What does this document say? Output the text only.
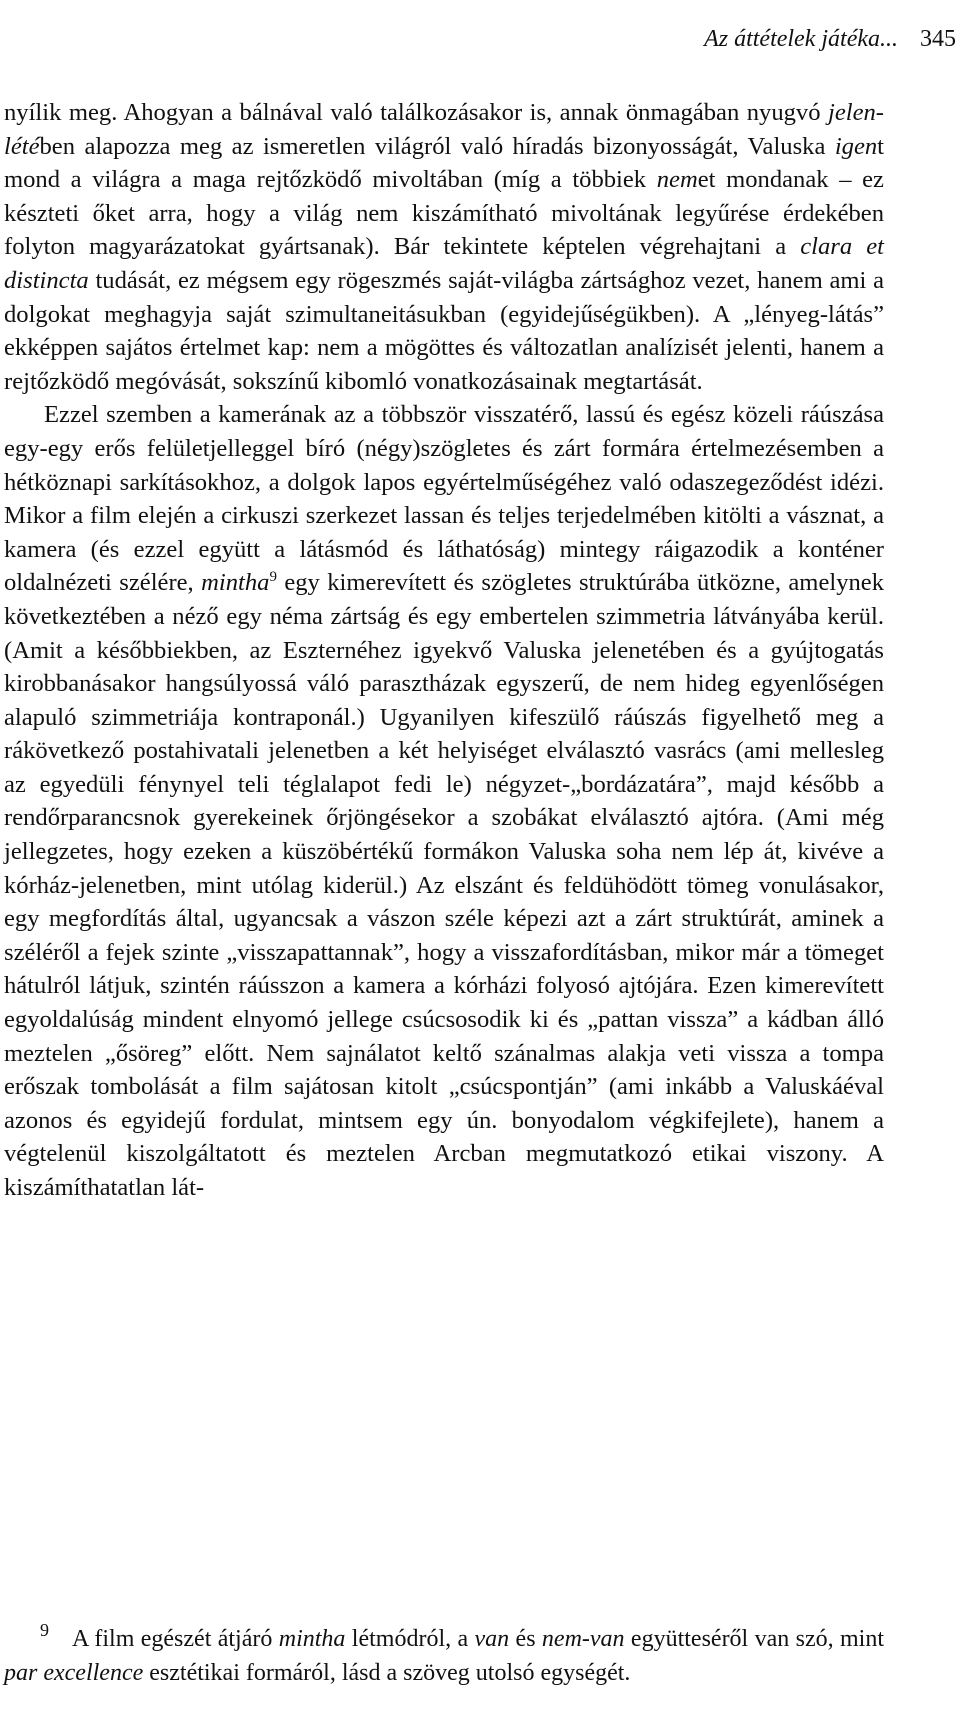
Az áttételek játéka... 345

nyílik meg. Ahogyan a bálnával való találkozásakor is, annak önmagában nyugvó jelen-létében alapozza meg az ismeretlen világról való híradás bizonyosságát, Valuska igent mond a világra a maga rejtőzködő mivoltában (míg a többiek nemet mondanak – ez készteti őket arra, hogy a világ nem kiszámítható mivoltának legyűrése érdekében folyton magyarázatokat gyártsanak). Bár tekintete képtelen végrehajtani a clara et distincta tudását, ez mégsem egy rögeszmés saját-világba zártsághoz vezet, hanem ami a dolgokat meghagyja saját szimultaneitásukban (egyidejűségükben). A „lényeg-látás” ekképpen sajátos értelmet kap: nem a mögöttes és változatlan analízisét jelenti, hanem a rejtőzködő megóvását, sokszínű kibomló vonatkozásainak megtartását.

Ezzel szemben a kamerának az a többször visszatérő, lassú és egész közeli ráúszása egy-egy erős felületjelleggel bíró (négy)szögletes és zárt formára értelmezésemben a hétköznapi sarkításokhoz, a dolgok lapos egyértelműségéhez való odaszegeződést idézi. Mikor a film elején a cirkuszi szerkezet lassan és teljes terjedelmében kitölti a vásznat, a kamera (és ezzel együtt a látásmód és láthatóság) mintegy ráigazodik a konténer oldalnézeti szélére, mintha$^9$ egy kimerevített és szögletes struktúrába ütközne, amelynek következtében a néző egy néma zártság és egy embertelen szimmetria látványába kerül. (Amit a későbbiekben, az Eszternéhez igyekvő Valuska jelenetében és a gyújtogatás kirobbanásakor hangsúlyossá váló parasztházak egyszerű, de nem hideg egyenlőségen alapuló szimmetriája kontraponál.) Ugyanilyen kifeszülő ráúszás figyelhető meg a rákövetkező postahivatali jelenetben a két helyiséget elválasztó vasrács (ami mellesleg az egyedüli fénynyel teli téglalapot fedi le) négyzet-„bordázatára”, majd később a rendőrparancsnok gyerekeinek őrjöngésekor a szobákat elválasztó ajtóra. (Ami még jellegzetes, hogy ezeken a küszöbértékű formákon Valuska soha nem lép át, kivéve a kórház-jelenetben, mint utólag kiderül.) Az elszánt és feldühödött tömeg vonulásakor, egy megfordítás által, ugyancsak a vászon széle képezi azt a zárt struktúrát, aminek a széléről a fejek szinte „visszapattannak”, hogy a visszafordításban, mikor már a tömeget hátulról látjuk, szintén ráússzon a kamera a kórházi folyosó ajtójára. Ezen kimerevített egyoldalúság mindent elnyomó jellege csúcsosodik ki és „pattan vissza” a kádban álló meztelen „ősöreg” előtt. Nem sajnálatot keltő szánalmas alakja veti vissza a tompa erőszak tombolását a film sajátosan kitolt „csúcspontján” (ami inkább a Valuskáéval azonos és egyidejű fordulat, mintsem egy ún. bonyodalom végkifejlete), hanem a végtelenül kiszolgáltatott és meztelen Arcban megmutatkozó etikai viszony. A kiszámíthatatlan lát-

9 A film egészét átjáró mintha létmódról, a van és nem-van együtteséről van szó, mint par excellence esztétikai formáról, lásd a szöveg utolsó egységét.
